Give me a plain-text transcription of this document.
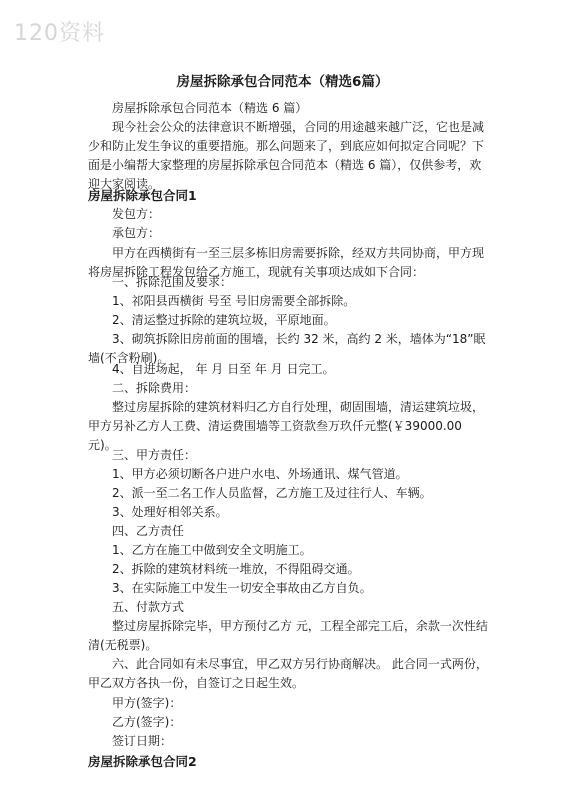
120资料
房屋拆除承包合同范本（精选6篇）
房屋拆除承包合同范本（精选 6 篇）
现今社会公众的法律意识不断增强，合同的用途越来越广泛，它也是减少和防止发生争议的重要措施。那么问题来了，到底应如何拟定合同呢？下面是小编帮大家整理的房屋拆除承包合同范本（精选 6 篇），仅供参考，欢迎大家阅读。
房屋拆除承包合同1
发包方：
承包方：
甲方在西横街有一至三层多栋旧房需要拆除，经双方共同协商，甲方现将房屋拆除工程发包给乙方施工，现就有关事项达成如下合同：
一、拆除范围及要求：
1、祁阳县西横街 号至 号旧房需要全部拆除。
2、清运整过拆除的建筑垃圾，平原地面。
3、砌筑拆除旧房前面的围墙，长约 32 米，高约 2 米，墙体为“18”眠墙(不含粉刷)。
4、自进场起， 年 月 日至 年 月 日完工。
二、拆除费用：
整过房屋拆除的建筑材料归乙方自行处理，砌固围墙，清运建筑垃圾，甲方另补乙方人工费、清运费围墙等工资款叁万玖仟元整(￥39000.00 元)。
三、甲方责任：
1、甲方必须切断各户进户水电、外场通讯、煤气管道。
2、派一至二名工作人员监督，乙方施工及过往行人、车辆。
3、处理好相邻关系。
四、乙方责任
1、乙方在施工中做到安全文明施工。
2、拆除的建筑材料统一堆放，不得阻碍交通。
3、在实际施工中发生一切安全事故由乙方自负。
五、付款方式
整过房屋拆除完毕，甲方预付乙方 元，工程全部完工后，余款一次性结清(无税票)。
六、此合同如有未尽事宜，甲乙双方另行协商解决。 此合同一式两份，甲乙双方各执一份，自签订之日起生效。
甲方(签字)：
乙方(签字)：
签订日期：
房屋拆除承包合同2
